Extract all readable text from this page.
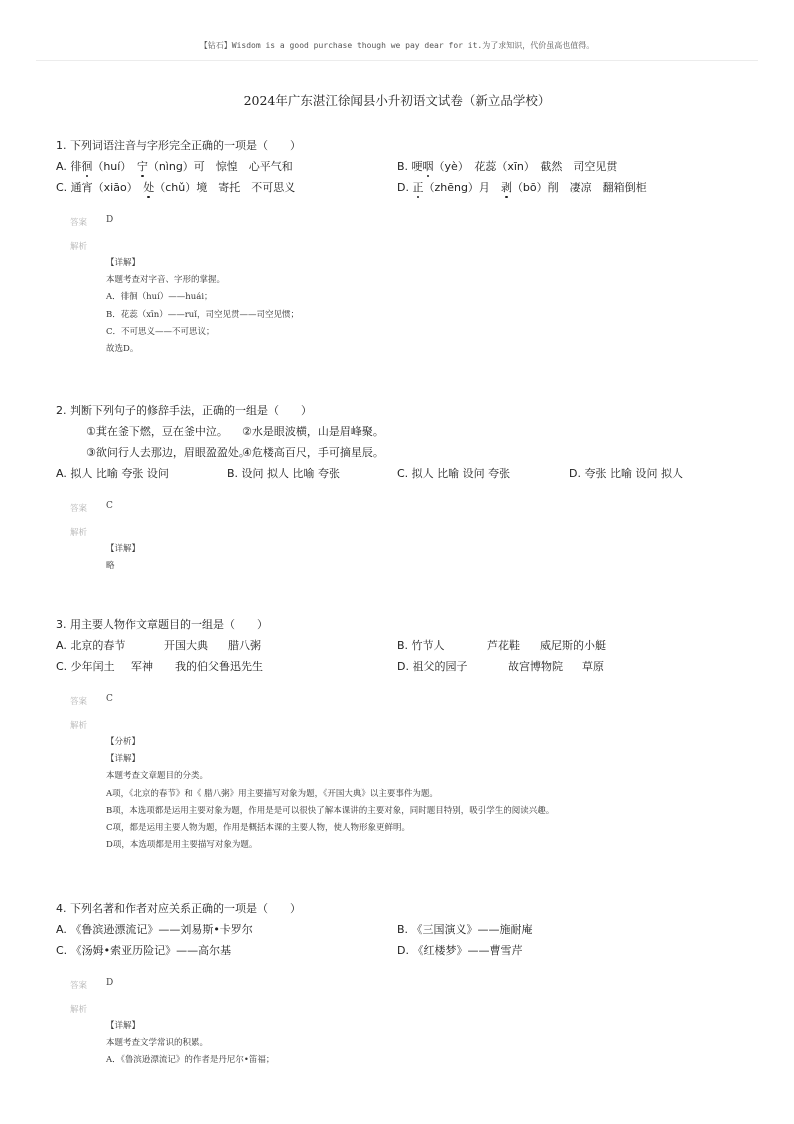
【钻石】Wisdom is a good purchase though we pay dear for it.为了求知识，代价虽高也值得。
2024年广东湛江徐闻县小升初语文试卷（新立品学校）
1. 下列词语注音与字形完全正确的一项是（　　）
A. 徘徊（huí）　宁（nìng）可　惊惶　心平气和	B. 哽咽（yè）　花蕊（xīn）　截然　司空见贯
C. 通宵（xiāo）　处（chǔ）境　寄托　不可思义	D. 正（zhēng）月　剥（bō）削　凄凉　翻箱倒柜
答案 D
解析
【详解】
本题考查对字音、字形的掌握。
A．徘徊（huí）——huái；
B．花蕊（xīn）——ruǐ，司空见贯——司空见惯；
C．不可思义——不可思议；
故选D。
2. 判断下列句子的修辞手法，正确的一组是（　　）
①萁在釜下燃，豆在釜中泣。 ②水是眼波横，山是眉峰聚。
③欲问行人去那边，眉眼盈盈处。
④危楼高百尺，手可摘星辰。
A. 拟人 比喻 夸张 设问	B. 设问 拟人 比喻 夸张	C. 拟人 比喻 设问 夸张	D. 夸张 比喻 设问 拟人
答案 C
解析
【详解】
略
3. 用主要人物作文章题目的一组是（　　）
A. 北京的春节	开国大典 腊八粥	B. 竹节人	芦花鞋 威尼斯的小艇
C. 少年闰土 军神 我的伯父鲁迅先生	D. 祖父的园子	故宫博物院 草原
答案 C
解析
【分析】
【详解】
本题考查文章题目的分类。
A项，《北京的春节》和《 腊八粥》用主要描写对象为题，《开国大典》以主要事件为题。
B项，本选项都是运用主要对象为题，作用是是可以很快了解本课讲的主要对象，同时题目特别，吸引学生的阅读兴趣。
C项，都是运用主要人物为题，作用是概括本课的主要人物，使人物形象更鲜明。
D项，本选项都是用主要描写对象为题。
4. 下列名著和作者对应关系正确的一项是（　　）
A. 《鲁滨逊漂流记》——刘易斯•卡罗尔	B. 《三国演义》——施耐庵
C. 《汤姆•索亚历险记》——高尔基	D. 《红楼梦》——曹雪芹
答案 D
解析
【详解】
本题考查文学常识的积累。
A．《鲁滨逊漂流记》的作者是丹尼尔•笛福；
